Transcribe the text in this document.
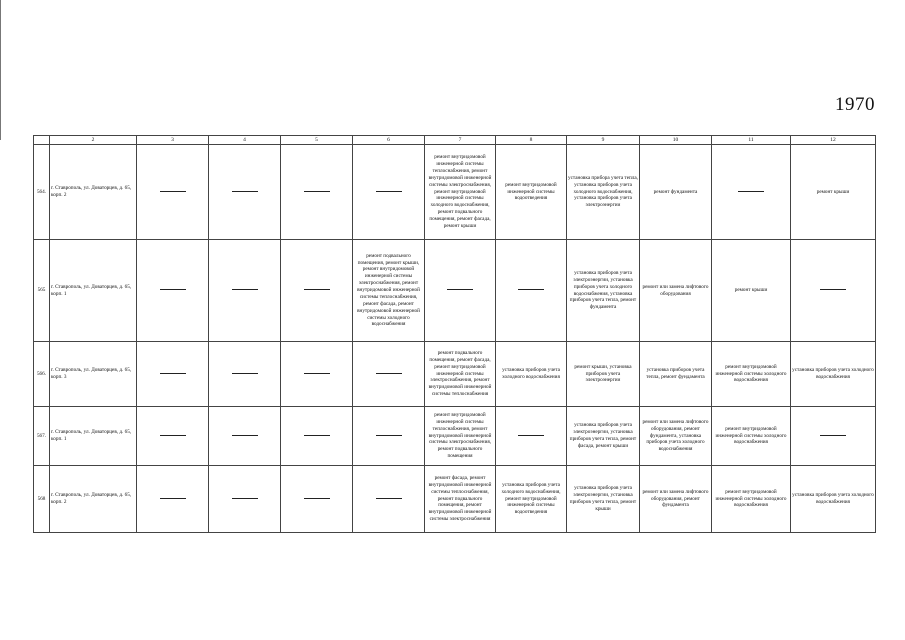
1970
	2	3	4	5	6	7	8	9	10	11	12
564.	г. Ставрополь, ул. Доваторцев, д. 65, корп. 2					ремонт внутридомовой инженерной системы теплоснабжения, ремонт внутридомовой инженерной системы электроснабжения, ремонт внутридомовой инженерной системы холодного водоснабжения, ремонт подвального помещения, ремонт фасада, ремонт крыши	ремонт внутридомовой инженерной системы водоотведения	установка прибора учета тепла, установка приборов учета холодного водоснабжения, установка приборов учета электроэнергии	ремонт фундамента		ремонт крыши
565	г. Ставрополь, ул. Доваторцев, д. 65, корп. 1				ремонт подвального помещения, ремонт крыши, ремонт внутридомовой инженерной системы электроснабжения, ремонт внутридомовой инженерной системы теплоснабжения, ремонт фасада, ремонт внутридомовой инженерной системы холодного водоснабжения			установка приборов учета электроэнергии, установка приборов учета холодного водоснабжения, установка приборов учета тепла, ремонт фундамента	ремонт или замена лифтового оборудования	ремонт крыши	
566.	г. Ставрополь, ул. Доваторцев, д. 65, корп. 3					ремонт подвального помещения, ремонт фасада, ремонт внутридомовой инженерной системы электроснабжения, ремонт внутридомовой инженерной системы теплоснабжения	установка приборов учета холодного водоснабжения	ремонт крыши, установка приборов учета электроэнергии	установка приборов учета тепла, ремонт фундамента	ремонт внутридомовой инженерной системы холодного водоснабжения	установка приборов учета холодного водоснабжения
567.	г. Ставрополь, ул. Доваторцев, д. 65, корп. 1					ремонт внутридомовой инженерной системы теплоснабжения, ремонт внутридомовой инженерной системы электроснабжения, ремонт подвального помещения		установка приборов учета электроэнергии, установка приборов учета тепла, ремонт фасада, ремонт крыши	ремонт или замена лифтового оборудования, ремонт фундамента, установка приборов учета холодного водоснабжения	ремонт внутридомовой инженерной системы холодного водоснабжения	
568	г. Ставрополь, ул. Доваторцев, д. 65, корп. 2					ремонт фасада, ремонт внутридомовой инженерной системы теплоснабжения, ремонт подвального помещения, ремонт внутридомовой инженерной системы электроснабжения	установка приборов учета холодного водоснабжения, ремонт внутридомовой инженерной системы водоотведения	установка приборов учета электроэнергии, установка приборов учета тепла, ремонт крыши	ремонт или замена лифтового оборудования, ремонт фундамента	ремонт внутридомовой инженерной системы холодного водоснабжения	установка приборов учета холодного водоснабжения
